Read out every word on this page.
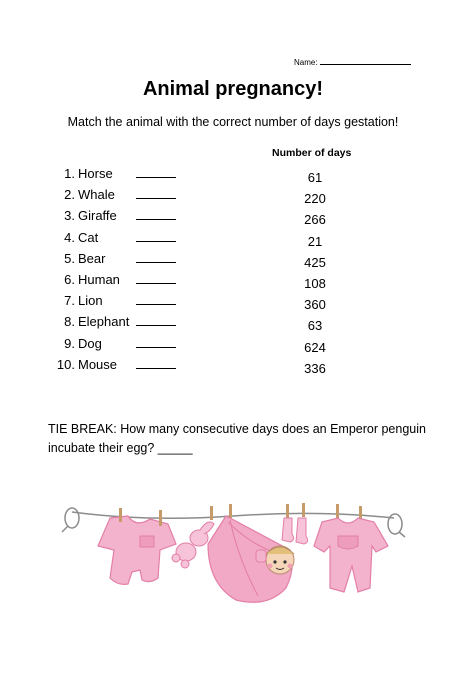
Name:
Animal pregnancy!
Match the animal with the correct number of days gestation!
Number of days
1. Horse
2. Whale
3. Giraffe
4. Cat
5. Bear
6. Human
7. Lion
8. Elephant
9. Dog
10. Mouse
61
220
266
21
425
108
360
63
624
336
TIE BREAK: How many consecutive days does an Emperor penguin incubate their egg? _____
